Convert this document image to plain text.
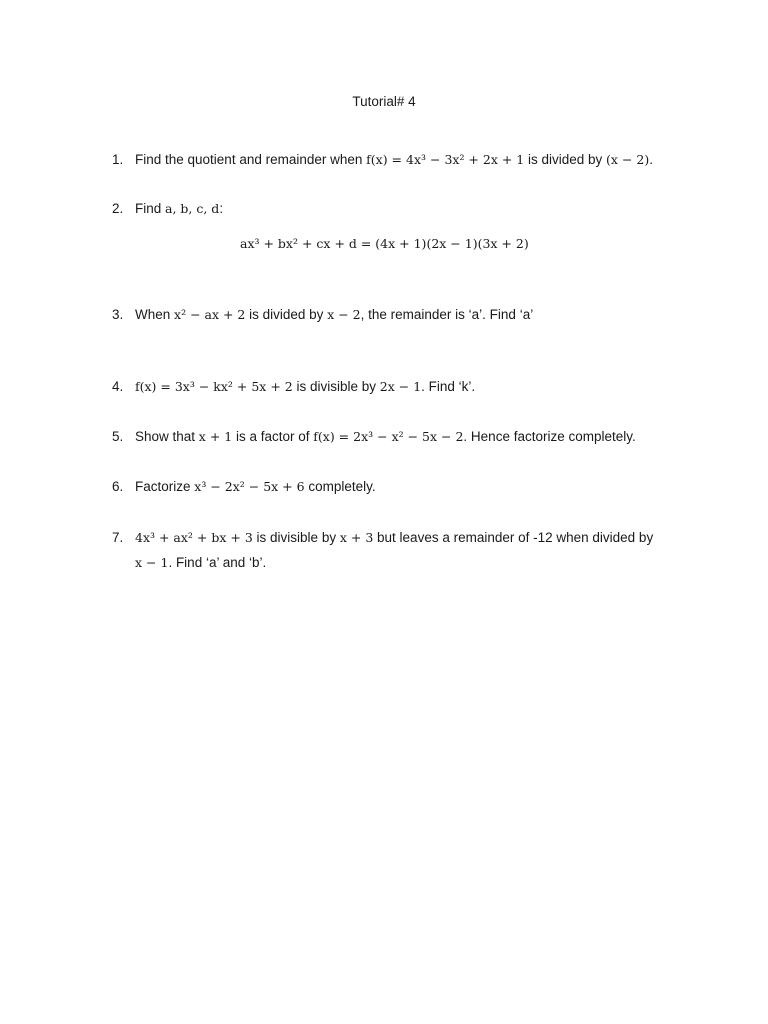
Tutorial# 4
1. Find the quotient and remainder when f(x) = 4x³ − 3x² + 2x + 1 is divided by (x − 2).
2. Find a, b, c, d:
ax³ + bx² + cx + d = (4x + 1)(2x − 1)(3x + 2)
3. When x² − ax + 2 is divided by x − 2, the remainder is ‘a’. Find ‘a’
4. f(x) = 3x³ − kx² + 5x + 2 is divisible by 2x − 1. Find ‘k’.
5. Show that x + 1 is a factor of f(x) = 2x³ − x² − 5x − 2. Hence factorize completely.
6. Factorize x³ − 2x² − 5x + 6 completely.
7. 4x³ + ax² + bx + 3 is divisible by x + 3 but leaves a remainder of -12 when divided by
x − 1. Find ‘a’ and ‘b’.
